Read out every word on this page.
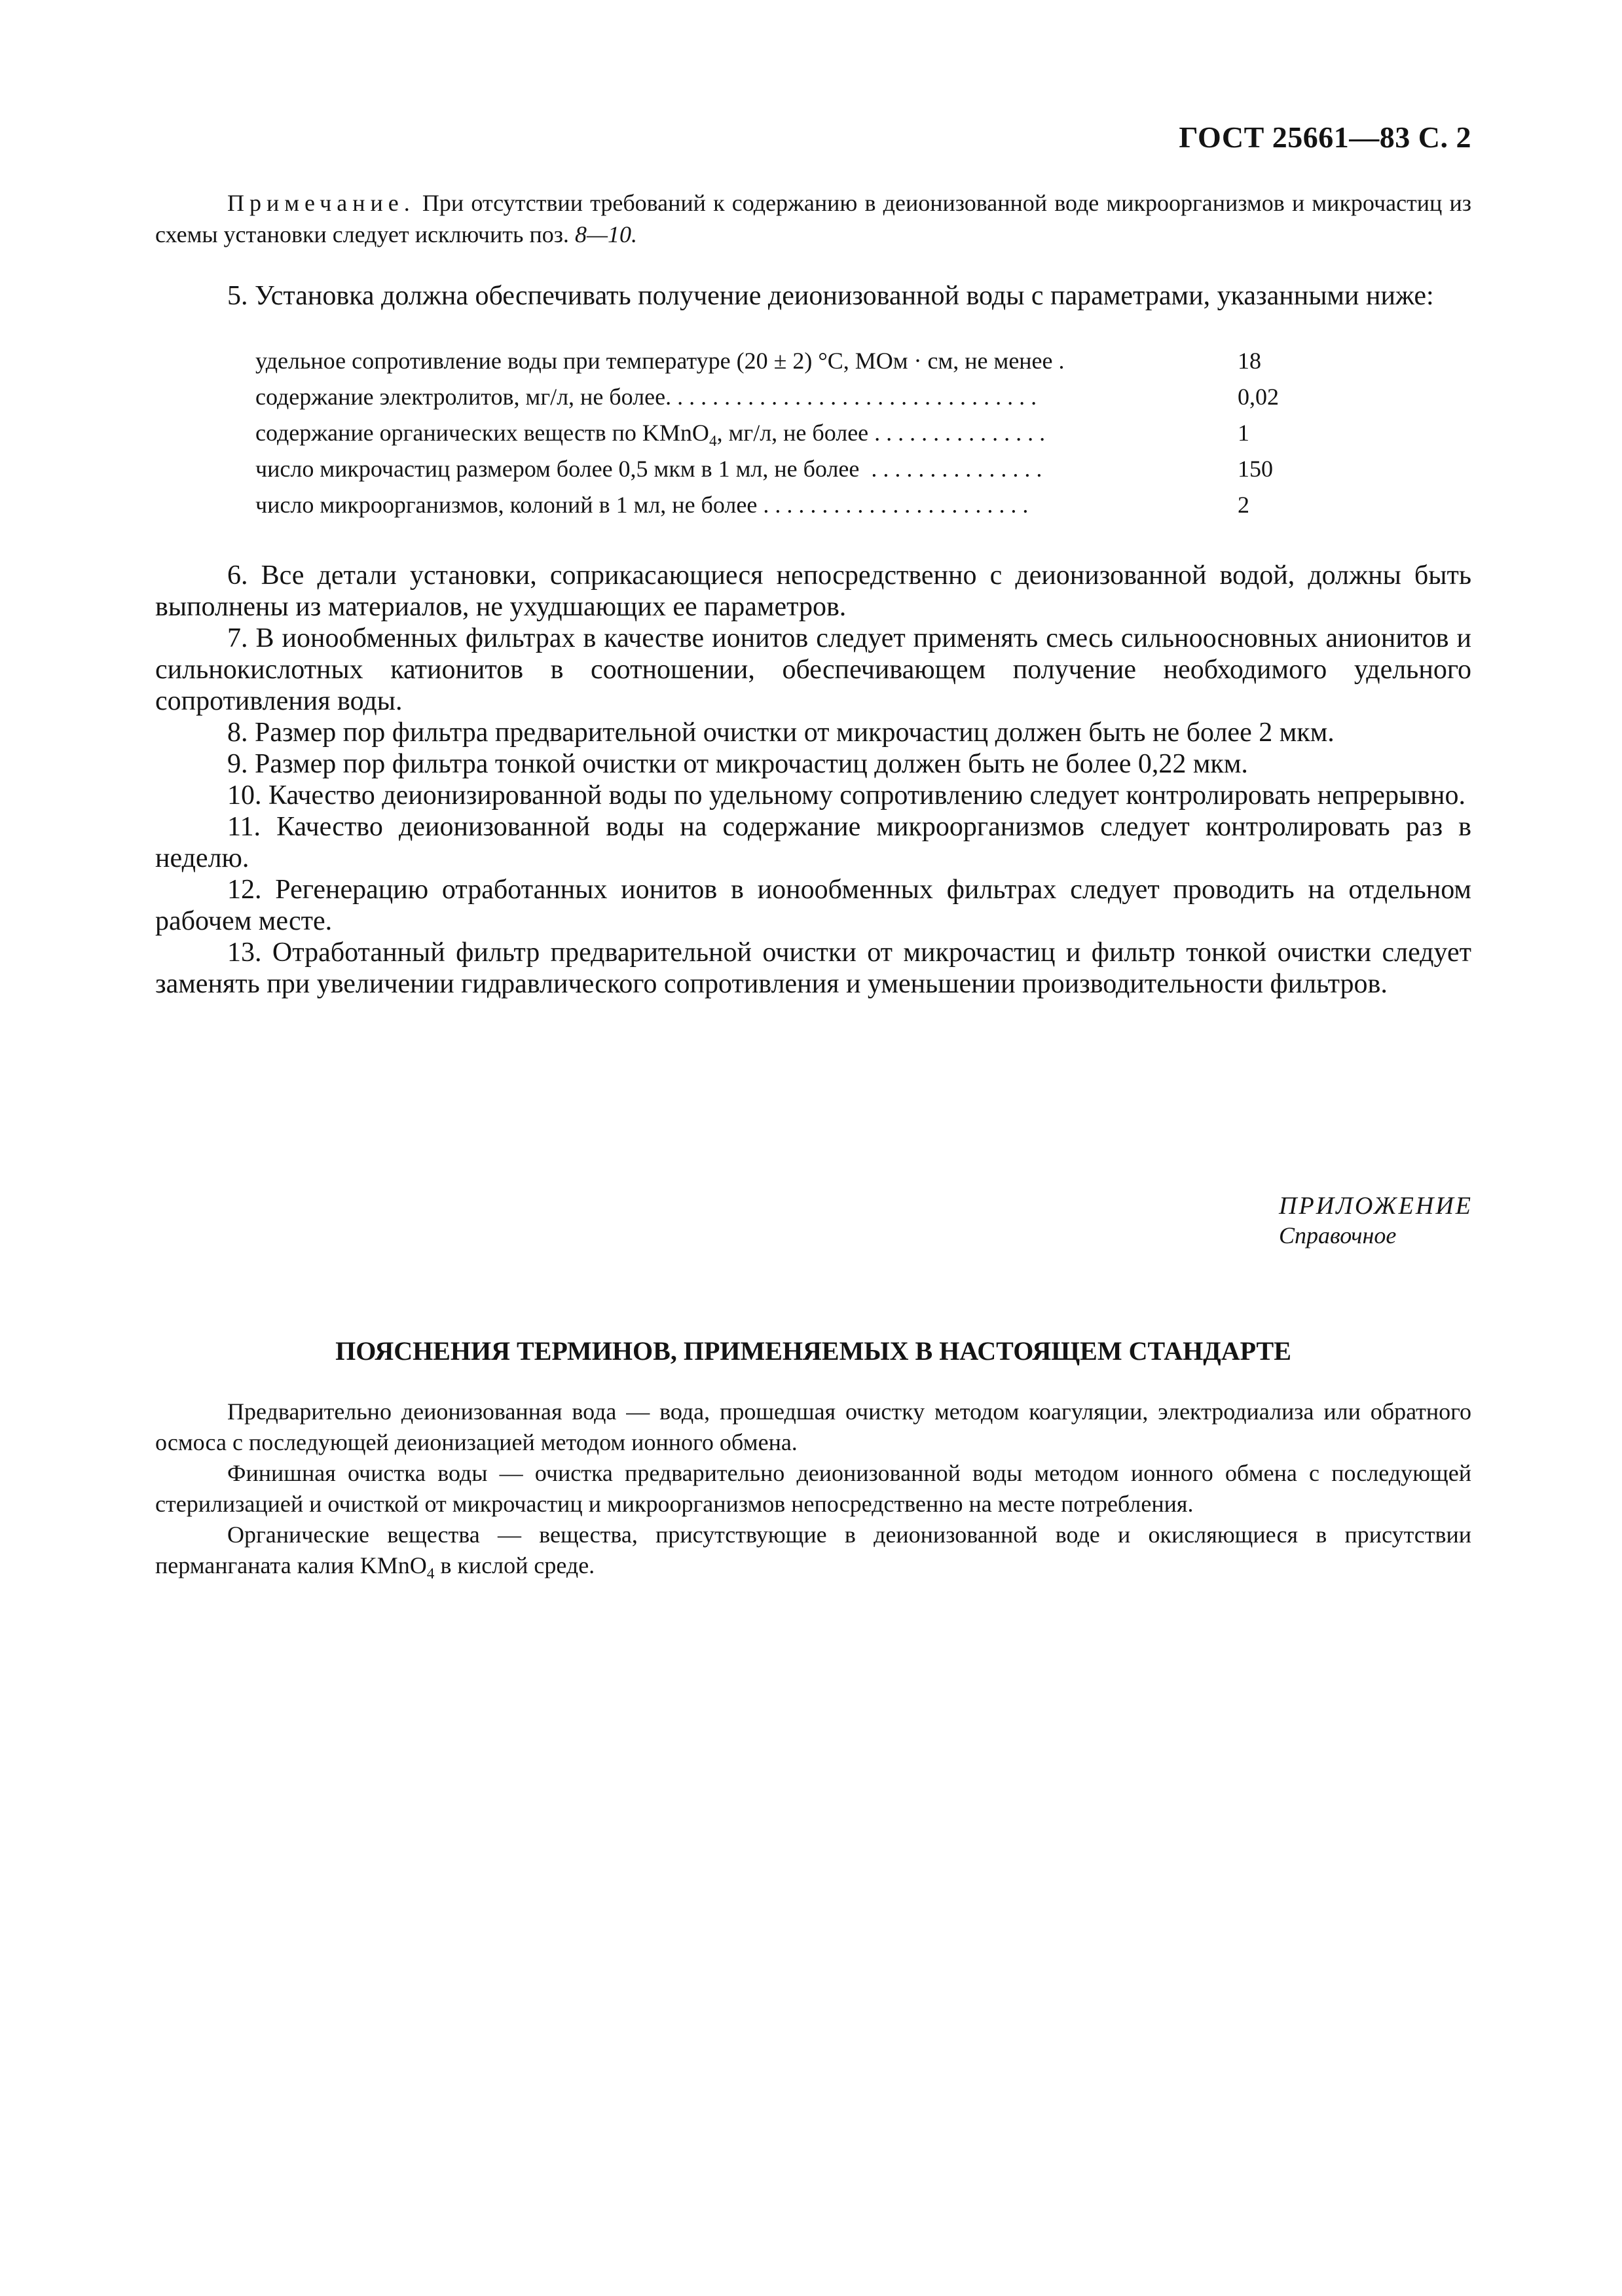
ГОСТ 25661—83 С. 2
Примечание. При отсутствии требований к содержанию в деионизованной воде микроорганизмов и микрочастиц из схемы установки следует исключить поз. 8—10.
5. Установка должна обеспечивать получение деионизованной воды с параметрами, указанными ниже:
удельное сопротивление воды при температуре (20 ± 2) °С, МОм · см, не менее .	18
содержание электролитов, мг/л, не более. . . . . . . . . . . . . . . . . . . . . . . . . . . . . . . .	0,02
содержание органических веществ по KMnO$_4$, мг/л, не более . . . . . . . . . . . . . . .	1
число микрочастиц размером более 0,5 мкм в 1 мл, не более  . . . . . . . . . . . . . . .	150
число микроорганизмов, колоний в 1 мл, не более . . . . . . . . . . . . . . . . . . . . . . .	2

6. Все детали установки, соприкасающиеся непосредственно с деионизованной водой, должны быть выполнены из материалов, не ухудшающих ее параметров.

7. В ионообменных фильтрах в качестве ионитов следует применять смесь сильноосновных анионитов и сильнокислотных катионитов в соотношении, обеспечивающем получение необходимого удельного сопротивления воды.

8. Размер пор фильтра предварительной очистки от микрочастиц должен быть не более 2 мкм.

9. Размер пор фильтра тонкой очистки от микрочастиц должен быть не более 0,22 мкм.

10. Качество деионизированной воды по удельному сопротивлению следует контролировать непрерывно.

11. Качество деионизованной воды на содержание микроорганизмов следует контролировать раз в неделю.

12. Регенерацию отработанных ионитов в ионообменных фильтрах следует проводить на отдельном рабочем месте.

13. Отработанный фильтр предварительной очистки от микрочастиц и фильтр тонкой очистки следует заменять при увеличении гидравлического сопротивления и уменьшении производительности фильтров.

ПРИЛОЖЕНИЕ
Справочное
ПОЯСНЕНИЯ ТЕРМИНОВ, ПРИМЕНЯЕМЫХ В НАСТОЯЩЕМ СТАНДАРТЕ

Предварительно деионизованная вода — вода, прошедшая очистку методом коагуляции, электродиализа или обратного осмоса с последующей деионизацией методом ионного обмена.

Финишная очистка воды — очистка предварительно деионизованной воды методом ионного обмена с последующей стерилизацией и очисткой от микрочастиц и микроорганизмов непосредственно на месте потребления.

Органические вещества — вещества, присутствующие в деионизованной воде и окисляющиеся в присутствии перманганата калия KMnO$_4$ в кислой среде.
